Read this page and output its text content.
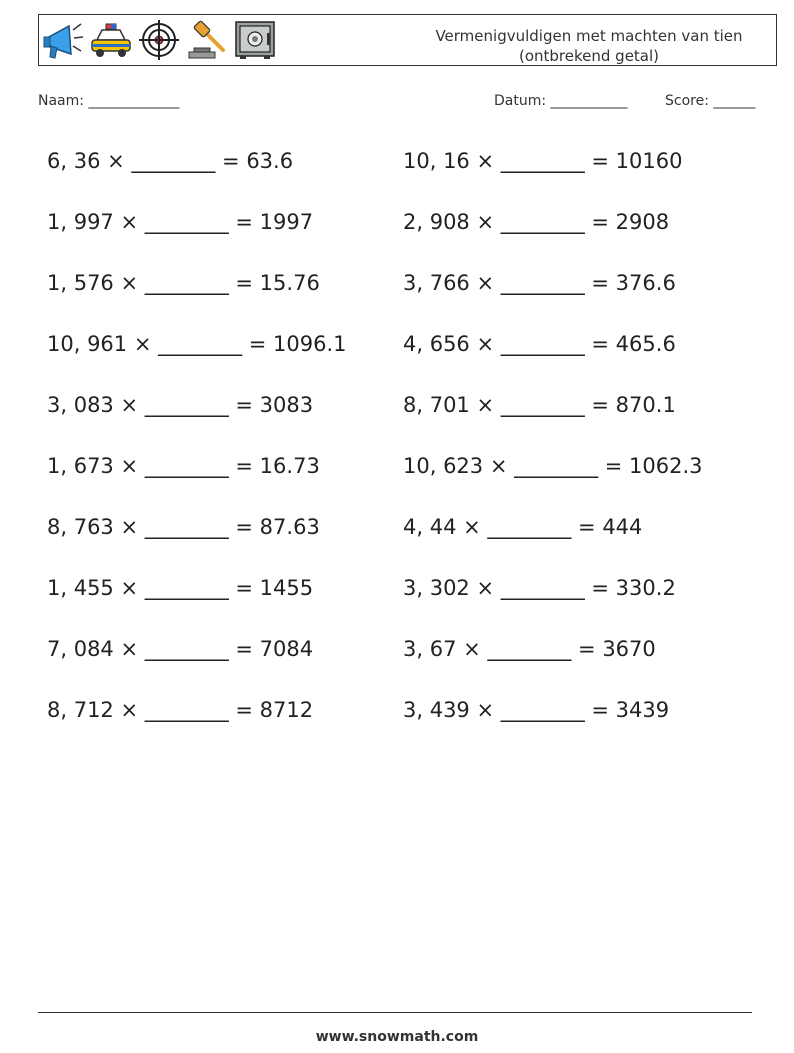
Vermenigvuldigen met machten van tien
(ontbrekend getal)
Naam: _____________	Datum: ___________	Score: ______
6, 36 × ________ = 63.6
1, 997 × ________ = 1997
1, 576 × ________ = 15.76
10, 961 × ________ = 1096.1
3, 083 × ________ = 3083
1, 673 × ________ = 16.73
8, 763 × ________ = 87.63
1, 455 × ________ = 1455
7, 084 × ________ = 7084
8, 712 × ________ = 8712
10, 16 × ________ = 10160
2, 908 × ________ = 2908
3, 766 × ________ = 376.6
4, 656 × ________ = 465.6
8, 701 × ________ = 870.1
10, 623 × ________ = 1062.3
4, 44 × ________ = 444
3, 302 × ________ = 330.2
3, 67 × ________ = 3670
3, 439 × ________ = 3439
www.snowmath.com
